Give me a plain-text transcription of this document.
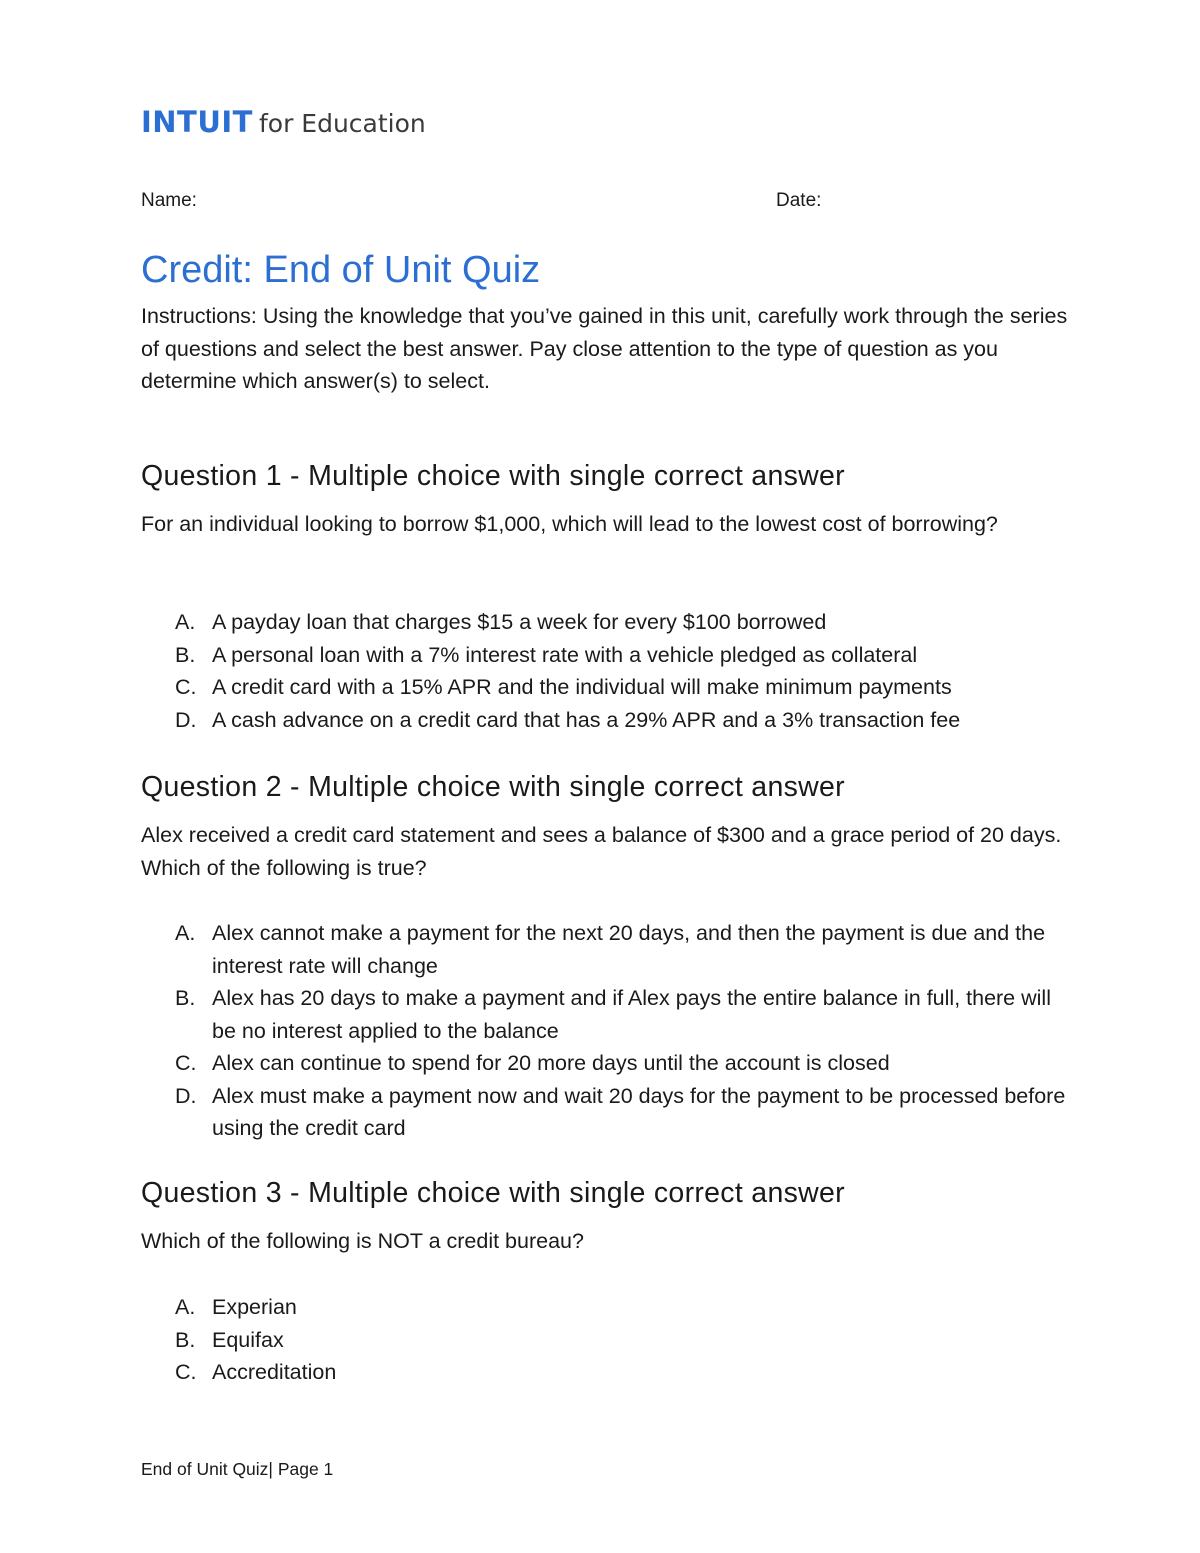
INTUIT for Education
Name:	Date:
Credit: End of Unit Quiz

Instructions: Using the knowledge that you’ve gained in this unit, carefully work through the series of questions and select the best answer. Pay close attention to the type of question as you determine which answer(s) to select.

Question 1 - Multiple choice with single correct answer

For an individual looking to borrow $1,000, which will lead to the lowest cost of borrowing?

A. A payday loan that charges $15 a week for every $100 borrowed
B. A personal loan with a 7% interest rate with a vehicle pledged as collateral
C. A credit card with a 15% APR and the individual will make minimum payments
D. A cash advance on a credit card that has a 29% APR and a 3% transaction fee
Question 2 - Multiple choice with single correct answer

Alex received a credit card statement and sees a balance of $300 and a grace period of 20 days. Which of the following is true?

A. Alex cannot make a payment for the next 20 days, and then the payment is due and the interest rate will change
B. Alex has 20 days to make a payment and if Alex pays the entire balance in full, there will be no interest applied to the balance
C. Alex can continue to spend for 20 more days until the account is closed
D. Alex must make a payment now and wait 20 days for the payment to be processed before using the credit card
Question 3 - Multiple choice with single correct answer

Which of the following is NOT a credit bureau?

A. Experian
B. Equifax
C. Accreditation
End of Unit Quiz| Page 1
